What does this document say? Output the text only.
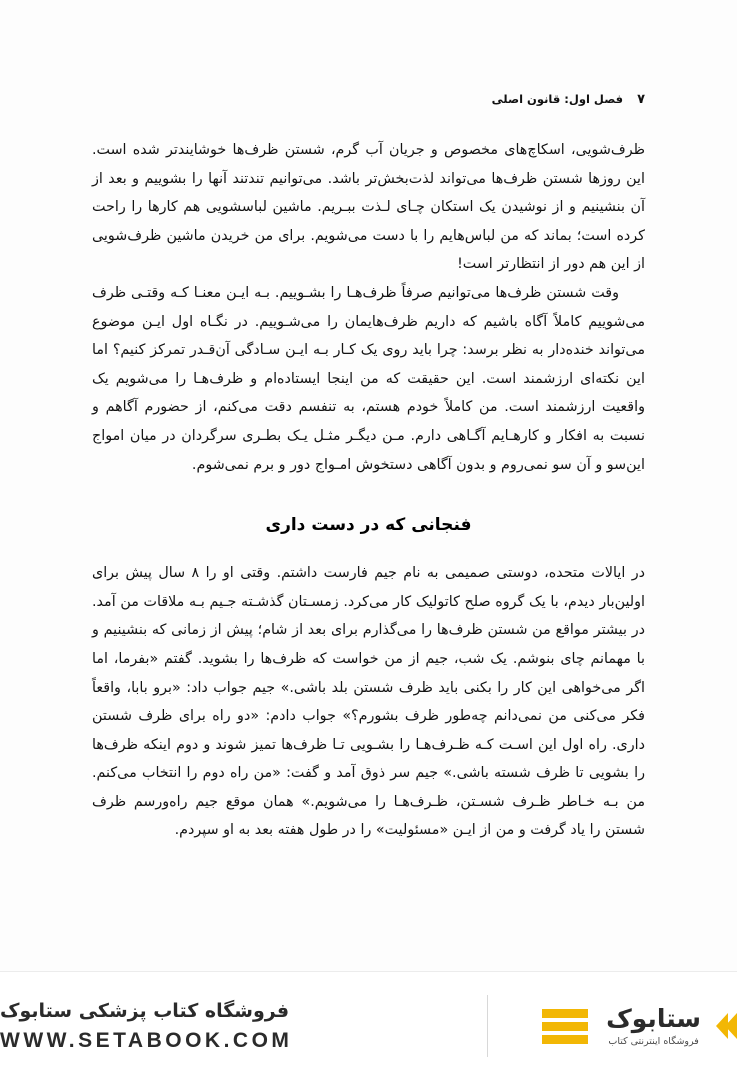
۷
فصل اول: قانون اصلی

ظرف‌شویی، اسکاچ‌های مخصوص و جریان آب گرم، شستن ظرف‌ها خوشایندتر شده است. این روزها شستن ظرف‌ها می‌تواند لذت‌بخش‌تر باشد. می‌توانیم تندتند آنها را بشوییم و بعد از آن بنشینیم و از نوشیدن یک استکان چـای لـذت ببـریم. ماشین لباسشویی هم کارها را راحت کرده است؛ بماند که من لباس‌هایم را با دست می‌شویم. برای من خریدن ماشین ظرف‌شویی از این هم دور از انتظارتر است!

وقت شستن ظرف‌ها می‌توانیم صرفاً ظرف‌هـا را بشـوییم. بـه ایـن معنـا کـه وقتـی ظرف می‌شوییم کاملاً آگاه باشیم که داریم ظرف‌هایمان را می‌شـوییم. در نگـاه اول ایـن موضوع می‌تواند خنده‌دار به نظر برسد: چرا باید روی یک کـار بـه ایـن سـادگی آن‌قـدر تمرکز کنیم؟ اما این نکته‌ای ارزشمند است. این حقیقت که من اینجا ایستاده‌ام و ظرف‌هـا را می‌شویم یک واقعیت ارزشمند است. من کاملاً خودم هستم، به تنفسم دقت می‌کنم، از حضورم آگاهم و نسبت به افکار و کارهـایم آگـاهی دارم. مـن دیگـر مثـل یـک بطـری سرگردان در میان امواج این‌سو و آن سو نمی‌روم و بدون آگاهی دستخوش امـواج دور و برم نمی‌شوم.

فنجانی که در دست داری

در ایالات متحده، دوستی صمیمی به نام جیم فارست داشتم. وقتی او را ۸ سال پیش برای اولین‌بار دیدم، با یک گروه صلح کاتولیک کار می‌کرد. زمسـتان گذشـته جـیم بـه ملاقات من آمد. در بیشتر مواقع من شستن ظرف‌ها را می‌گذارم برای بعد از شام؛ پیش از زمانی که بنشینیم و با مهمانم چای بنوشم. یک شب، جیم از من خواست که ظرف‌ها را بشوید. گفتم «بفرما، اما اگر می‌خواهی این کار را بکنی باید ظرف شستن بلد باشی.» جیم جواب داد: «برو بابا، واقعاً فکر می‌کنی من نمی‌دانم چه‌طور ظرف بشورم؟» جواب دادم: «دو راه برای ظرف شستن داری. راه اول این اسـت کـه ظـرف‌هـا را بشـویی تـا ظرف‌ها تمیز شوند و دوم اینکه ظرف‌ها را بشویی تا ظرف شسته باشی.» جیم سر ذوق آمد و گفت: «من راه دوم را انتخاب می‌کنم. من بـه خـاطر ظـرف شسـتن، ظـرف‌هـا را می‌شویم.» همان موقع جیم راه‌ورسم ظرف شستن را یاد گرفت و من از ایـن «مسئولیت» را در طول هفته بعد به او سپردم.

فروشگاه کتاب پزشکی ستابوک
WWW.SETABOOK.COM
ستابوک
فروشگاه اینترنتی کتاب
